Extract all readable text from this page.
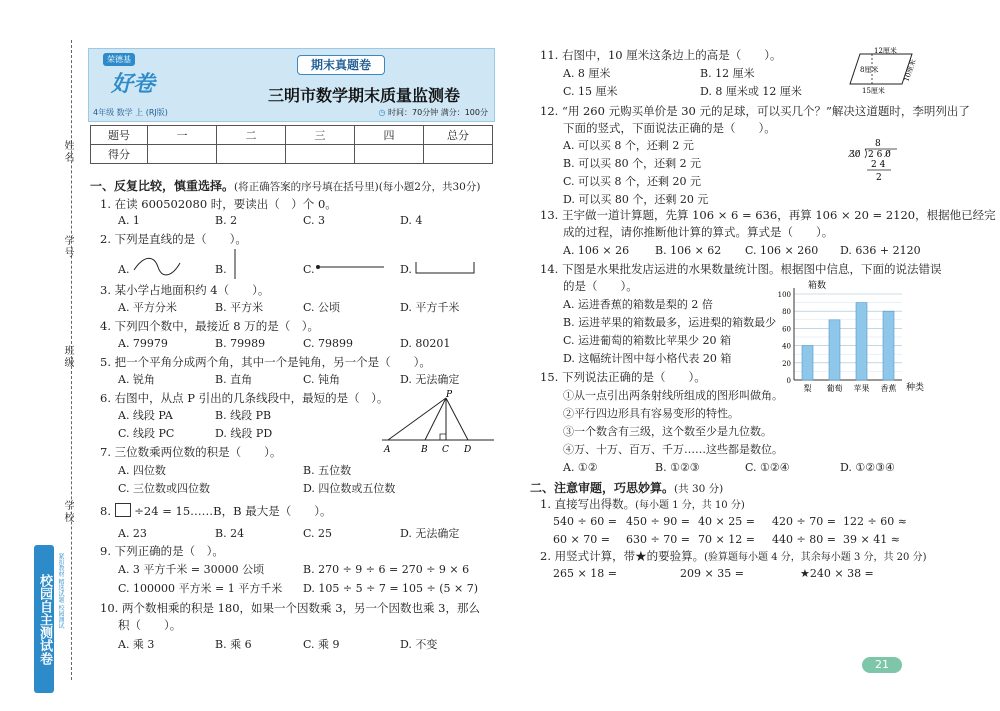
姓名
学号
班级
学校
校园自主测试卷 紧扣教材 精选试题 校园测试
荣德基
好卷
期末真题卷
三明市数学期末质量监测卷
4年级 数学 上 (RJ版)	◷ 时间：70分钟 满分：100分
题号	一	二	三	四	总分
得分					
一、反复比较，慎重选择。(将正确答案的序号填在括号里)(每小题2分，共30分)
1. 在读 600502080 时，要读出（　）个 0。
A. 1	B. 2	C. 3	D. 4
2. 下列是直线的是（　　）。
A.	B.	C.	D.
3. 某小学占地面积约 4（　　）。
A. 平方分米	B. 平方米	C. 公顷	D. 平方千米
4. 下列四个数中，最接近 8 万的是（　）。
A. 79979	B. 79989	C. 79899	D. 80201
5. 把一个平角分成两个角，其中一个是钝角，另一个是（　　）。
A. 锐角	B. 直角	C. 钝角	D. 无法确定
6. 右图中，从点 P 引出的几条线段中，最短的是（　）。
A. 线段 PA	B. 线段 PB
C. 线段 PC	D. 线段 PD
P
A	B C D
7. 三位数乘两位数的积是（　　）。
A. 四位数	B. 五位数
C. 三位数或四位数	D. 四位数或五位数
8. ÷24 = 15……B，B 最大是（　　）。
A. 23	B. 24	C. 25	D. 无法确定
9. 下列正确的是（　）。
A. 3 平方千米 = 30000 公顷	B. 270 ÷ 9 ÷ 6 = 270 ÷ 9 × 6
C. 100000 平方米 = 1 平方千米 D. 105 ÷ 5 ÷ 7 = 105 ÷ (5 × 7)
10. 两个数相乘的积是 180，如果一个因数乘 3，另一个因数也乘 3，那么
积（　　）。
A. 乘 3	B. 乘 6	C. 乘 9	D. 不变
11. 右图中，10 厘米这条边上的高是（　　）。
A. 8 厘米	B. 12 厘米
C. 15 厘米	D. 8 厘米或 12 厘米
12厘米
8厘米
15厘米
10厘米
12. “用 260 元购买单价是 30 元的足球，可以买几个？”解决这道题时，李明列出了
下面的竖式，下面说法正确的是（　　）。
A. 可以买 8 个，还剩 2 元
B. 可以买 80 个，还剩 2 元
C. 可以买 8 个，还剩 20 元
D. 可以买 80 个，还剩 20 元
8
3̸0̸ 2 6 0̸
2 4
2
13. 王宇做一道计算题，先算 106 × 6 = 636，再算 106 × 20 = 2120，根据他已经完
成的过程，请你推断他计算的算式。算式是（　　）。
A. 106 × 26 B. 106 × 62 C. 106 × 260 D. 636 + 2120
14. 下图是水果批发店运进的水果数量统计图。根据图中信息，下面的说法错误
的是（　　）。
A. 运进香蕉的箱数是梨的 2 倍
B. 运进苹果的箱数最多，运进梨的箱数最少
C. 运进葡萄的箱数比苹果少 20 箱
D. 这幅统计图中每小格代表 20 箱
0
20
40
60
80
100
梨 葡萄 苹果 香蕉
箱数
种类
15. 下列说法正确的是（　　）。
①从一点引出两条射线所组成的图形叫做角。
②平行四边形具有容易变形的特性。
③一个数含有三级，这个数至少是九位数。
④万、十万、百万、千万……这些都是数位。
A. ①②	B. ①②③	C. ①②④	D. ①②③④
二、注意审题，巧思妙算。(共 30 分)
1. 直接写出得数。(每小题 1 分，共 10 分)
540 ÷ 60 = 450 ÷ 90 = 40 × 25 = 420 ÷ 70 = 122 ÷ 60 ≈
60 × 70 = 630 ÷ 70 = 70 × 12 = 440 ÷ 80 = 39 × 41 ≈
2. 用竖式计算，带★的要验算。(验算题每小题 4 分，其余每小题 3 分，共 20 分)
265 × 18 =	209 × 35 =	★240 × 38 =
21
